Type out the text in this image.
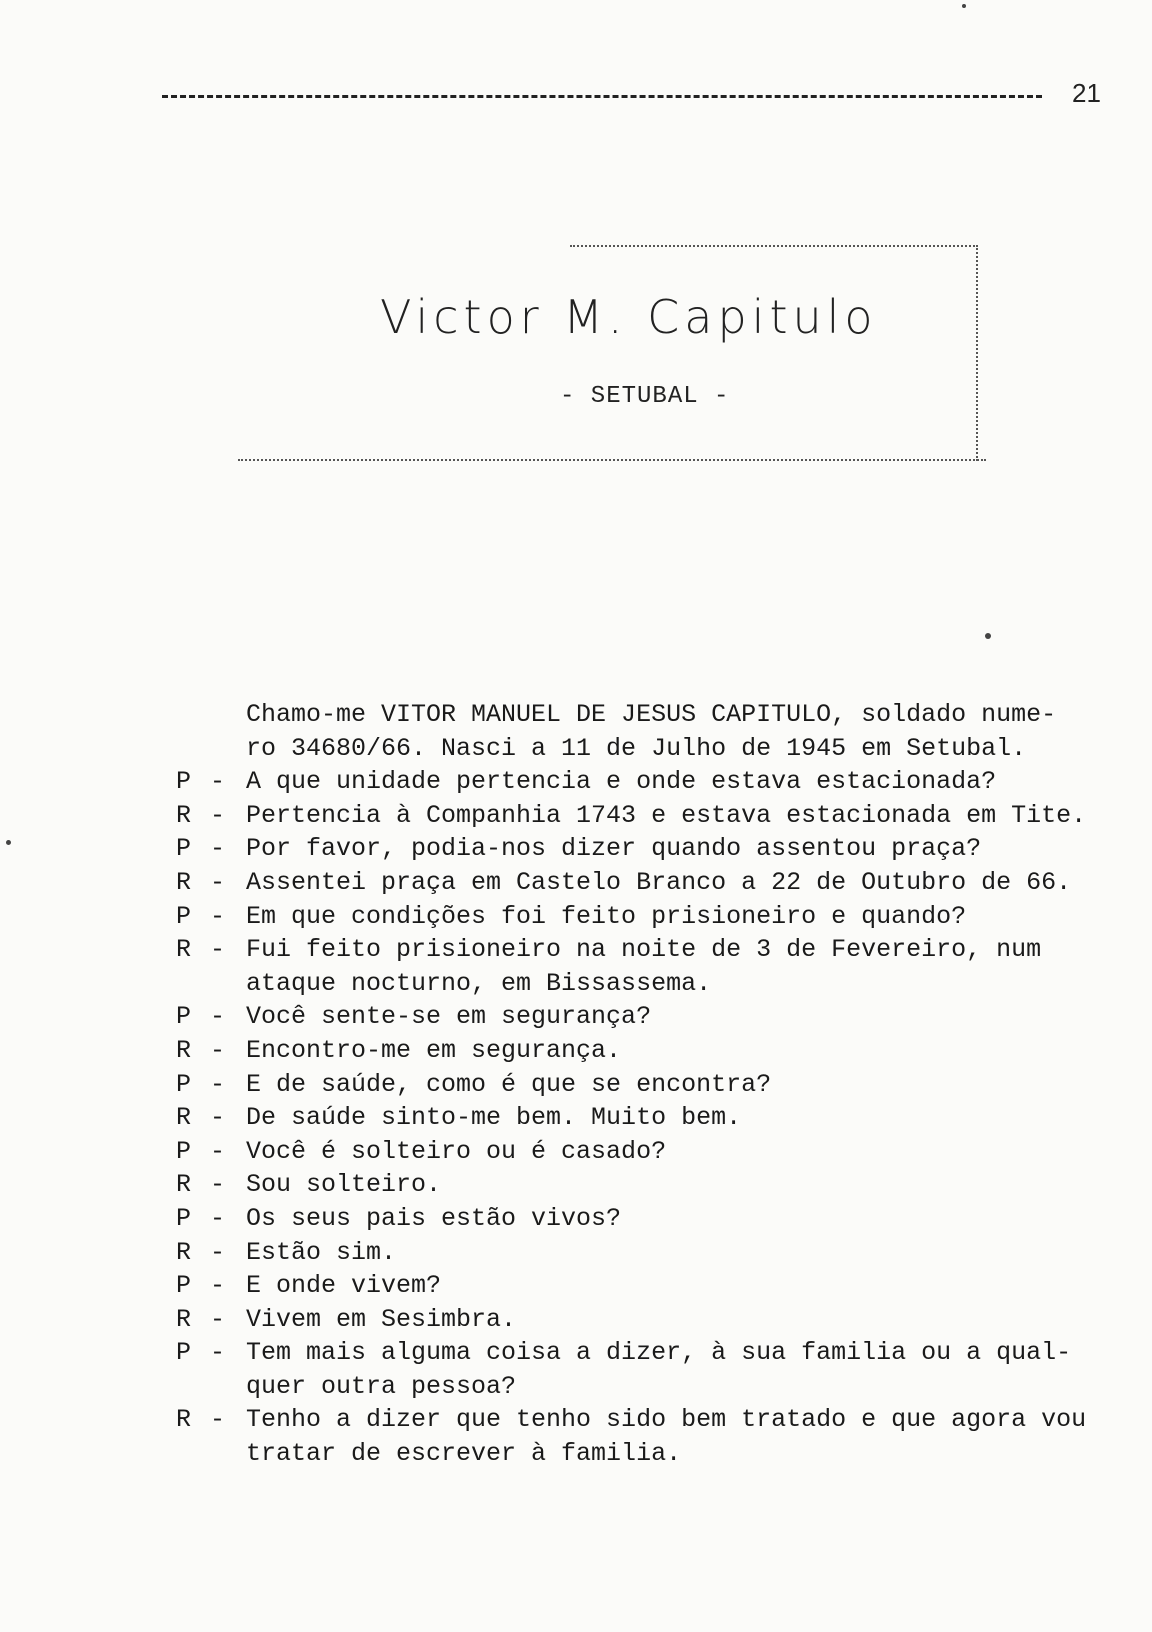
21
Victor M. Capitulo
- SETUBAL -
Chamo-me VITOR MANUEL DE JESUS CAPITULO, soldado nume-
ro 34680/66. Nasci a 11 de Julho de 1945 em Setubal.
P - A que unidade pertencia e onde estava estacionada?
R - Pertencia à Companhia 1743 e estava estacionada em Tite.
P - Por favor, podia-nos dizer quando assentou praça?
R - Assentei praça em Castelo Branco a 22 de Outubro de 66.
P - Em que condições foi feito prisioneiro e quando?
R - Fui feito prisioneiro na noite de 3 de Fevereiro, num
ataque nocturno, em Bissassema.
P - Você sente-se em segurança?
R - Encontro-me em segurança.
P - E de saúde, como é que se encontra?
R - De saúde sinto-me bem. Muito bem.
P - Você é solteiro ou é casado?
R - Sou solteiro.
P - Os seus pais estão vivos?
R - Estão sim.
P - E onde vivem?
R - Vivem em Sesimbra.
P - Tem mais alguma coisa a dizer, à sua familia ou a qual-
quer outra pessoa?
R - Tenho a dizer que tenho sido bem tratado e que agora vou
tratar de escrever à familia.
